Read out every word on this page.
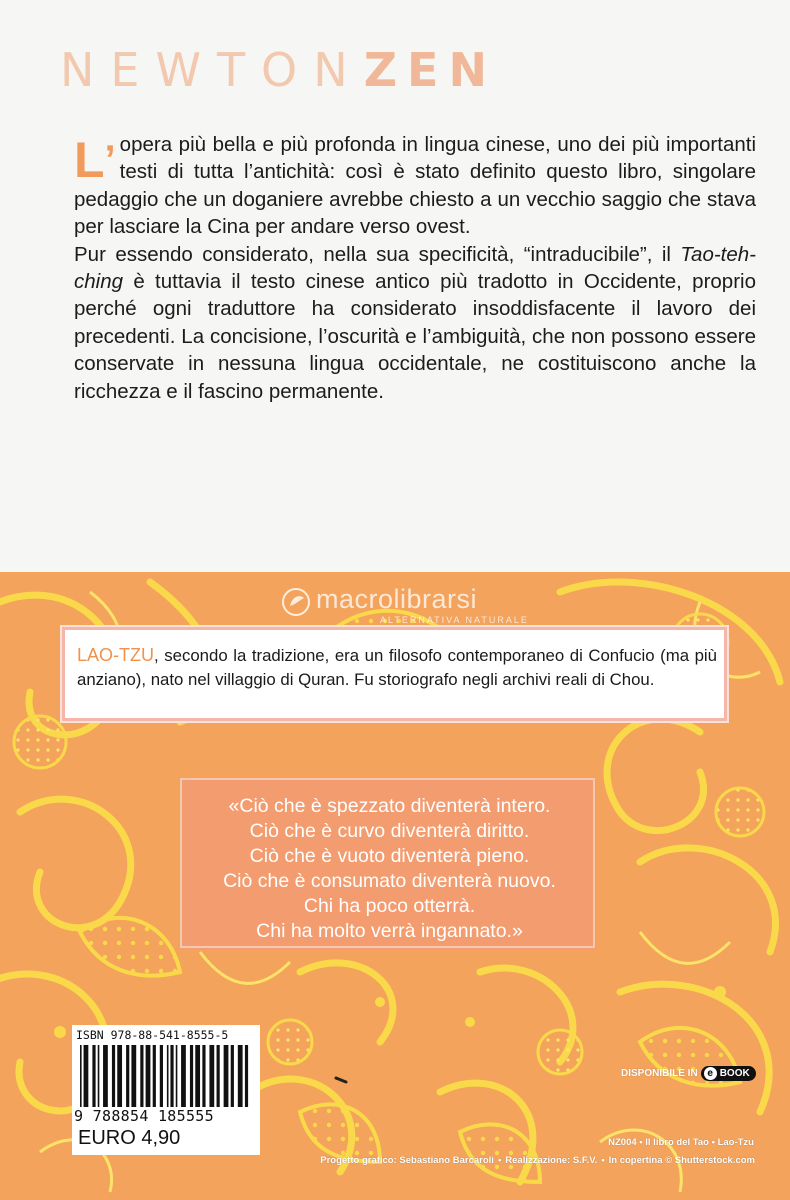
NEWTONZEN

L’ opera più bella e più profonda in lingua cinese, uno dei più importanti testi di tutta l’antichità: così è stato definito questo libro, singolare pedaggio che un doganiere avrebbe chiesto a un vecchio saggio che stava per lasciare la Cina per andare verso ovest.

Pur essendo considerato, nella sua specificità, “intraducibile”, il Tao-teh-ching è tuttavia il testo cinese antico più tradotto in Occidente, proprio perché ogni traduttore ha considerato insoddisfacente il lavoro dei precedenti. La concisione, l’oscurità e l’ambiguità, che non possono essere conservate in nessuna lingua occidentale, ne costituiscono anche la ricchezza e il fascino permanente.

macrolibrarsi
ALTERNATIVA NATURALE
LAO-TZU, secondo la tradizione, era un filosofo contemporaneo di Confucio (ma più anziano), nato nel villaggio di Quran. Fu storiografo negli archivi reali di Chou.
«Ciò che è spezzato diventerà intero.
Ciò che è curvo diventerà diritto.
Ciò che è vuoto diventerà pieno.
Ciò che è consumato diventerà nuovo.
Chi ha poco otterrà.
Chi ha molto verrà ingannato.»
ISBN 978-88-541-8555-5
9 788854 185555
EURO 4,90
DISPONIBILE IN e BOOK
NZ004 • Il libro del Tao • Lao-Tzu
Progetto grafico: Sebastiano Barcaroli • Realizzazione: S.F.V. • In copertina © Shutterstock.com
